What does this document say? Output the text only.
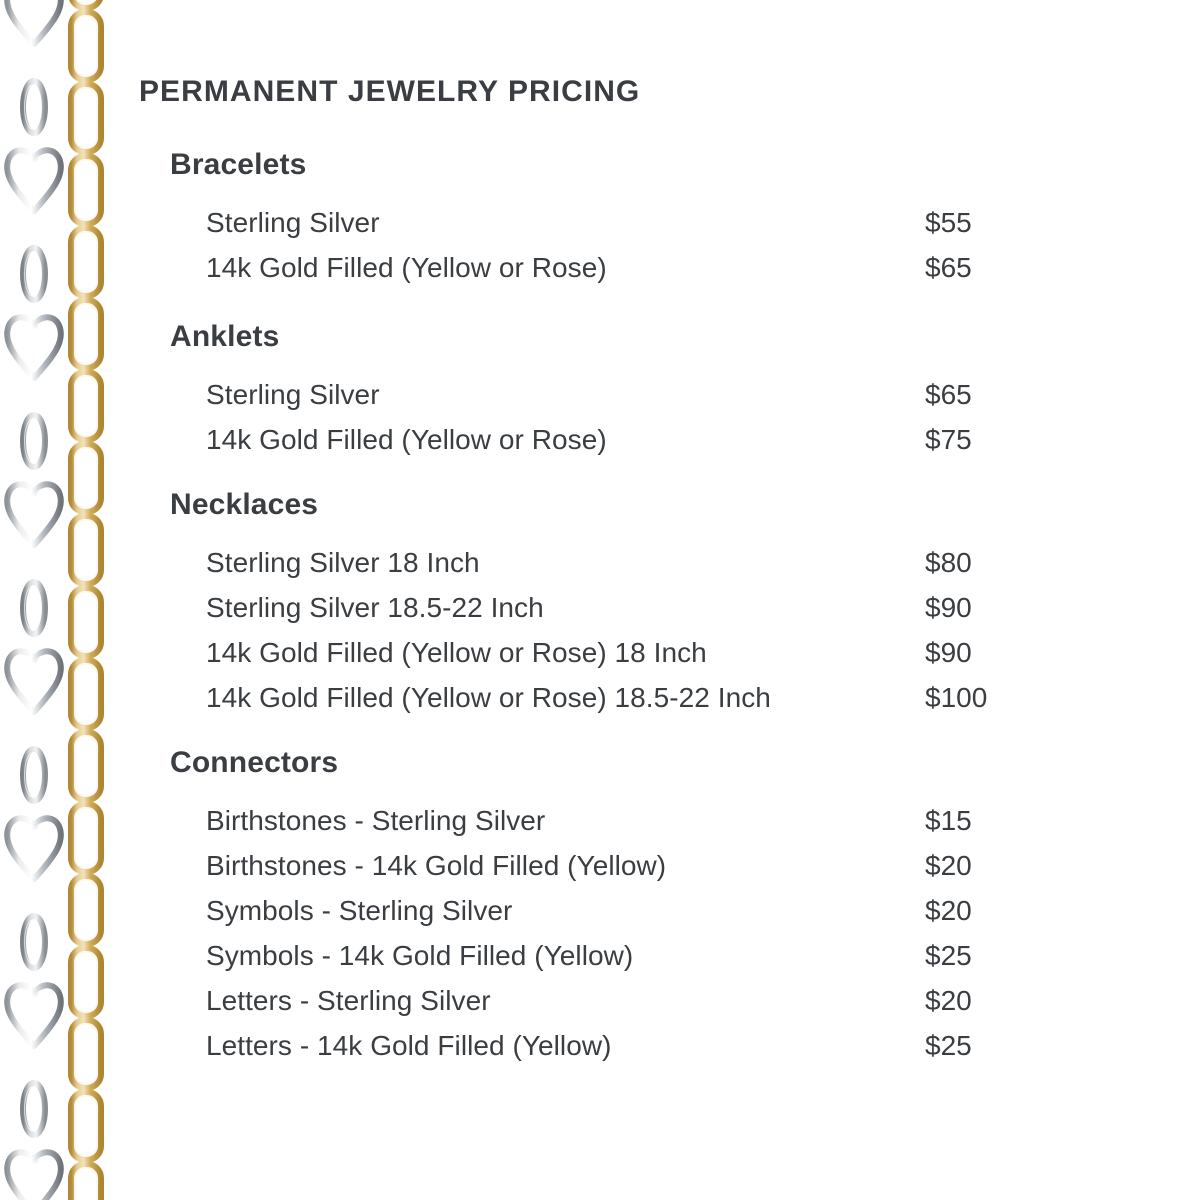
PERMANENT JEWELRY PRICING
Bracelets
Sterling Silver	$55
14k Gold Filled (Yellow or Rose)	$65
Anklets
Sterling Silver	$65
14k Gold Filled (Yellow or Rose)	$75
Necklaces
Sterling Silver 18 Inch	$80
Sterling Silver 18.5-22 Inch	$90
14k Gold Filled (Yellow or Rose) 18 Inch	$90
14k Gold Filled (Yellow or Rose) 18.5-22 Inch	$100
Connectors
Birthstones - Sterling Silver	$15
Birthstones - 14k Gold Filled (Yellow)	$20
Symbols - Sterling Silver	$20
Symbols - 14k Gold Filled (Yellow)	$25
Letters - Sterling Silver	$20
Letters - 14k Gold Filled (Yellow)	$25
